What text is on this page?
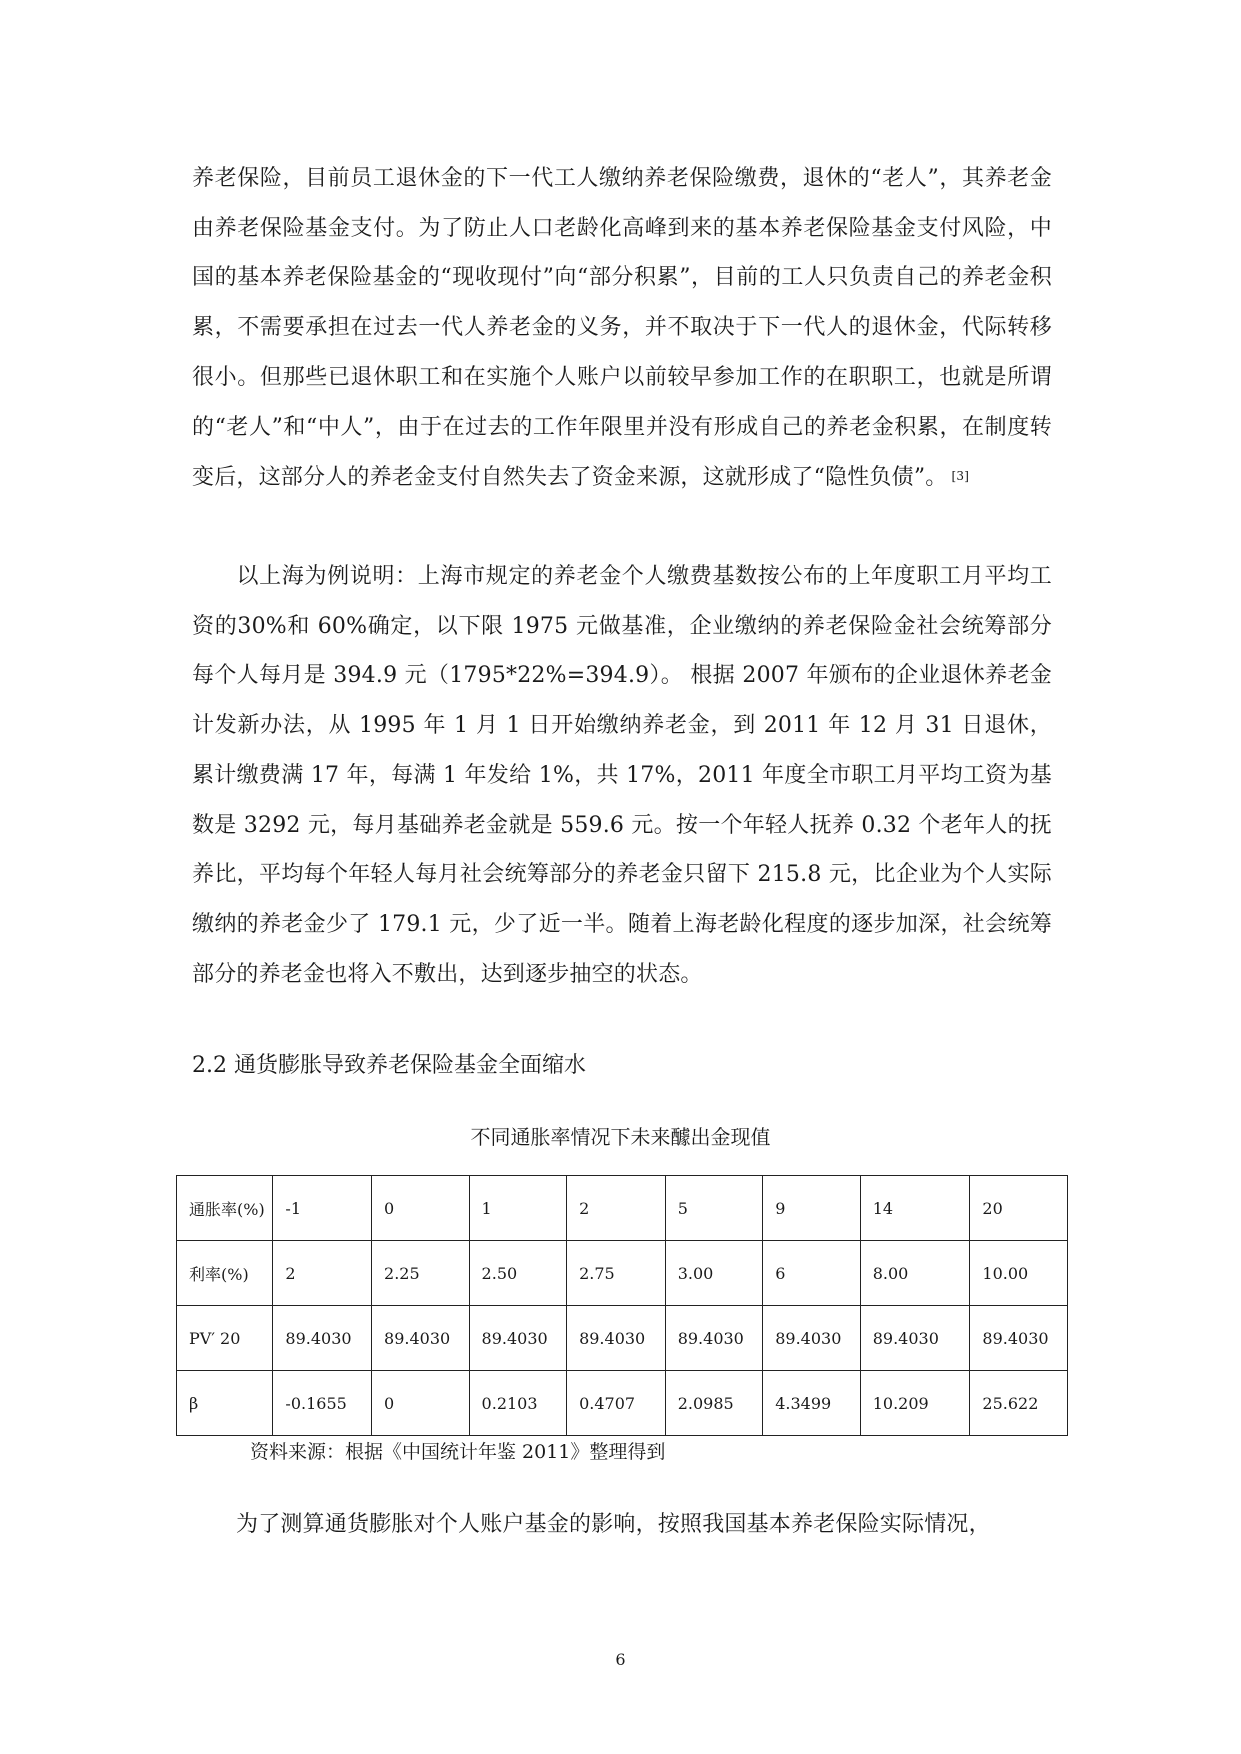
养老保险，目前员工退休金的下一代工人缴纳养老保险缴费，退休的“老人”，其养老金由养老保险基金支付。为了防止人口老龄化高峰到来的基本养老保险基金支付风险，中国的基本养老保险基金的“现收现付”向“部分积累”，目前的工人只负责自己的养老金积累，不需要承担在过去一代人养老金的义务，并不取决于下一代人的退休金，代际转移很小。但那些已退休职工和在实施个人账户以前较早参加工作的在职职工，也就是所谓的“老人”和“中人”，由于在过去的工作年限里并没有形成自己的养老金积累，在制度转变后，这部分人的养老金支付自然失去了资金来源，这就形成了“隐性负债”。 [3]

以上海为例说明：上海市规定的养老金个人缴费基数按公布的上年度职工月平均工资的30%和 60%确定，以下限 1975 元做基准，企业缴纳的养老保险金社会统筹部分每个人每月是 394.9 元（1795*22%=394.9）。 根据 2007 年颁布的企业退休养老金计发新办法，从 1995 年 1 月 1 日开始缴纳养老金，到 2011 年 12 月 31 日退休，累计缴费满 17 年，每满 1 年发给 1%，共 17%，2011 年度全市职工月平均工资为基数是 3292 元，每月基础养老金就是 559.6 元。按一个年轻人抚养 0.32 个老年人的抚养比，平均每个年轻人每月社会统筹部分的养老金只留下 215.8 元，比企业为个人实际缴纳的养老金少了 179.1 元，少了近一半。随着上海老龄化程度的逐步加深，社会统筹部分的养老金也将入不敷出，达到逐步抽空的状态。

2.2 通货膨胀导致养老保险基金全面缩水
不同通胀率情况下未来醵出金现值
通胀率(%)	-1	0	1	2	5	9	14	20
利率(%)	2	2.25	2.50	2.75	3.00	6	8.00	10.00
PV′ 20	89.4030	89.4030	89.4030	89.4030	89.4030	89.4030	89.4030	89.4030
β	-0.1655	0	0.2103	0.4707	2.0985	4.3499	10.209	25.622
资料来源：根据《中国统计年鉴 2011》整理得到

为了测算通货膨胀对个人账户基金的影响，按照我国基本养老保险实际情况，

6
